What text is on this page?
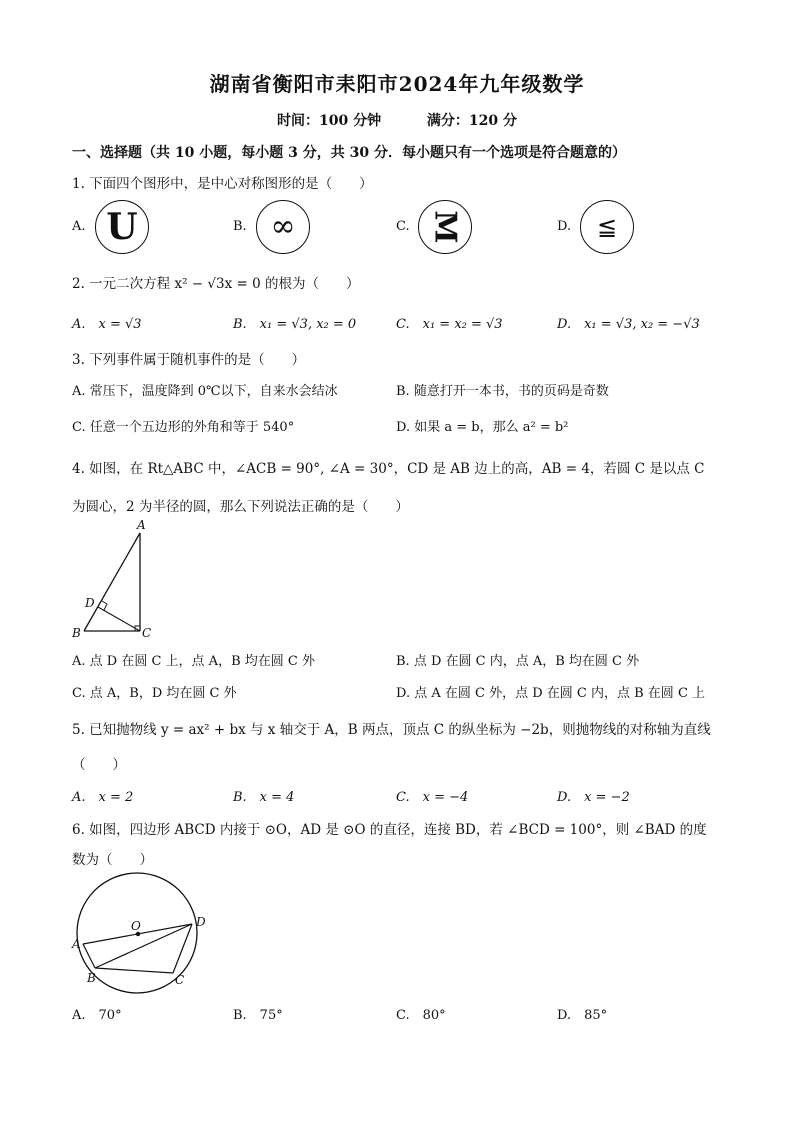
湖南省衡阳市耒阳市2024年九年级数学
时间：100 分钟	满分：120 分
一、选择题（共 10 小题，每小题 3 分，共 30 分．每小题只有一个选项是符合题意的）
1. 下面四个图形中，是中心对称图形的是（　　）
A. U	B. ∞	C. M	D. ≦
2. 一元二次方程 x² − √3x = 0 的根为（　　）
A.　x = √3	B.　x₁ = √3, x₂ = 0	C.　x₁ = x₂ = √3	D.　x₁ = √3, x₂ = −√3
3. 下列事件属于随机事件的是（　　）
A. 常压下，温度降到 0℃以下，自来水会结冰	B. 随意打开一本书，书的页码是奇数
C. 任意一个五边形的外角和等于 540°	D. 如果 a = b，那么 a² = b²
4. 如图，在 Rt△ABC 中，∠ACB = 90°, ∠A = 30°，CD 是 AB 边上的高，AB = 4，若圆 C 是以点 C
为圆心，2 为半径的圆，那么下列说法正确的是（　　）
A
B	C
D
A. 点 D 在圆 C 上，点 A，B 均在圆 C 外	B. 点 D 在圆 C 内，点 A，B 均在圆 C 外
C. 点 A，B，D 均在圆 C 外	D. 点 A 在圆 C 外，点 D 在圆 C 内，点 B 在圆 C 上
5. 已知抛物线 y = ax² + bx 与 x 轴交于 A，B 两点，顶点 C 的纵坐标为 −2b，则抛物线的对称轴为直线
（　　）
A.　x = 2	B.　x = 4	C.　x = −4	D.　x = −2
6. 如图，四边形 ABCD 内接于 ⊙O，AD 是 ⊙O 的直径，连接 BD，若 ∠BCD = 100°，则 ∠BAD 的度
数为（　　）
O
A
B	C
D
A.　70°	B.　75°	C.　80°	D.　85°
